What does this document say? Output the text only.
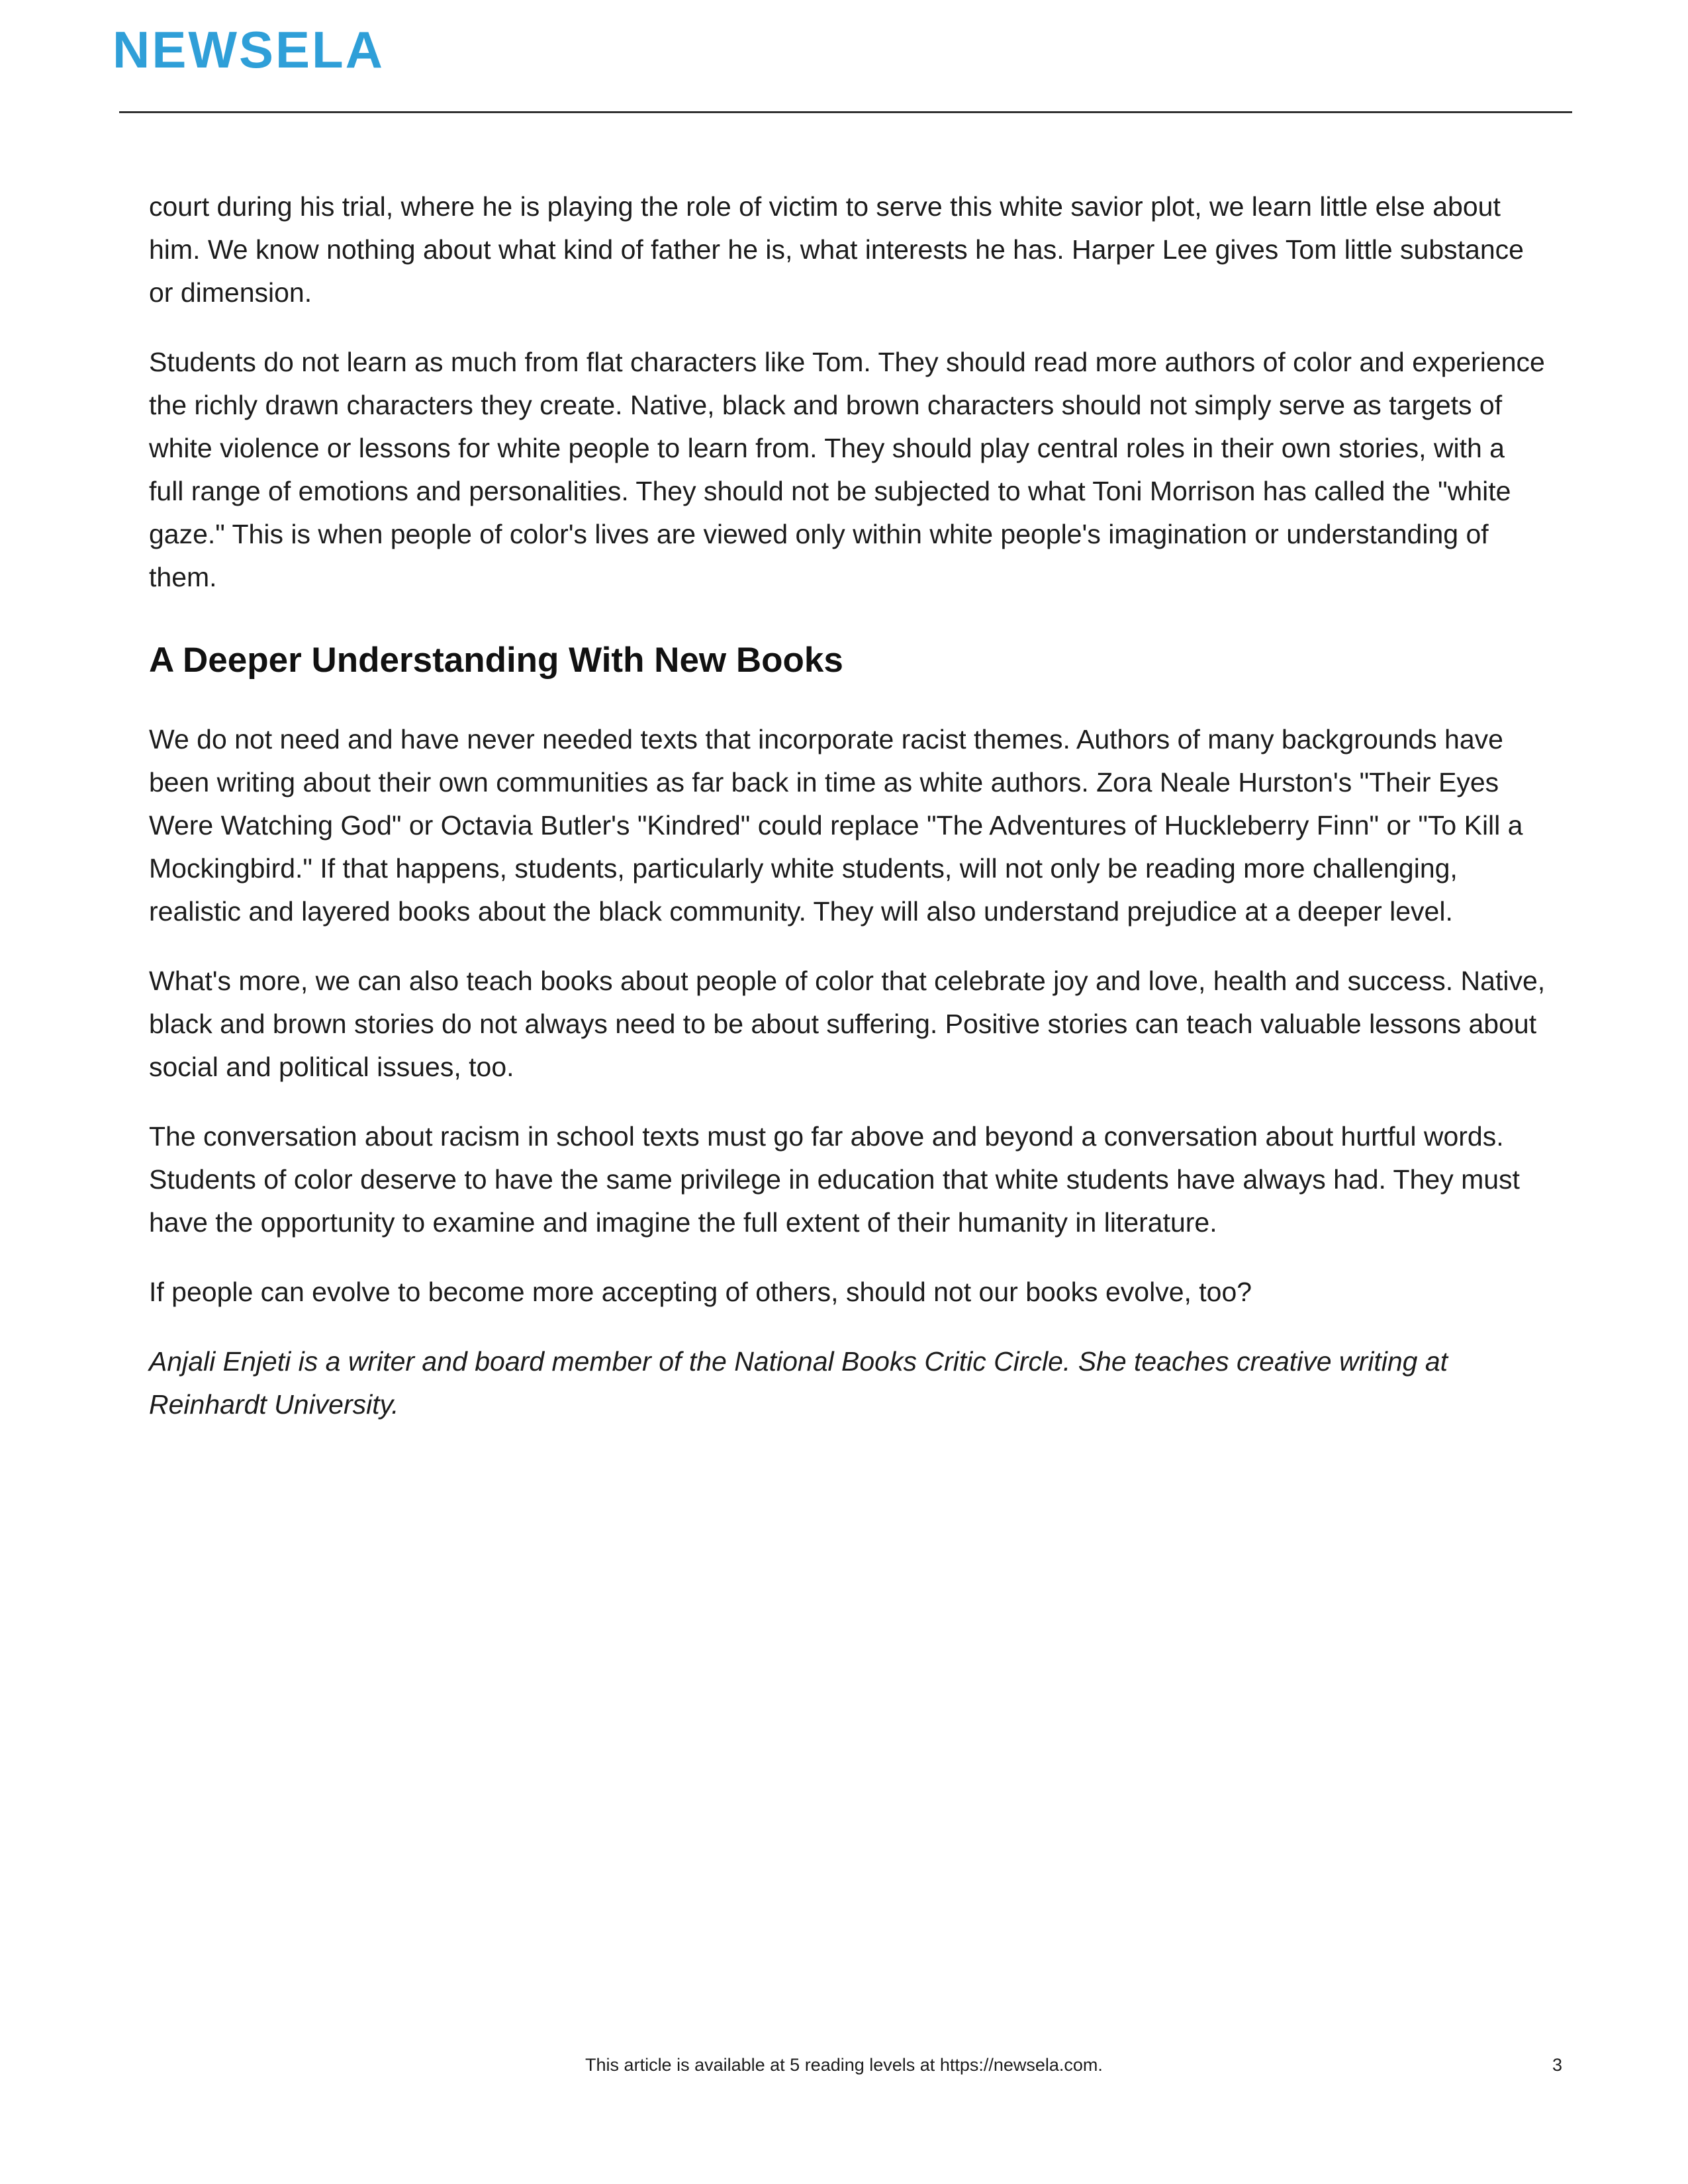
NEWSELA

court during his trial, where he is playing the role of victim to serve this white savior plot, we learn little else about him. We know nothing about what kind of father he is, what interests he has. Harper Lee gives Tom little substance or dimension.

Students do not learn as much from flat characters like Tom. They should read more authors of color and experience the richly drawn characters they create. Native, black and brown characters should not simply serve as targets of white violence or lessons for white people to learn from. They should play central roles in their own stories, with a full range of emotions and personalities. They should not be subjected to what Toni Morrison has called the "white gaze." This is when people of color's lives are viewed only within white people's imagination or understanding of them.

A Deeper Understanding With New Books

We do not need and have never needed texts that incorporate racist themes. Authors of many backgrounds have been writing about their own communities as far back in time as white authors. Zora Neale Hurston's "Their Eyes Were Watching God" or Octavia Butler's "Kindred" could replace "The Adventures of Huckleberry Finn" or "To Kill a Mockingbird." If that happens, students, particularly white students, will not only be reading more challenging, realistic and layered books about the black community. They will also understand prejudice at a deeper level.

What's more, we can also teach books about people of color that celebrate joy and love, health and success. Native, black and brown stories do not always need to be about suffering. Positive stories can teach valuable lessons about social and political issues, too.

The conversation about racism in school texts must go far above and beyond a conversation about hurtful words. Students of color deserve to have the same privilege in education that white students have always had. They must have the opportunity to examine and imagine the full extent of their humanity in literature.

If people can evolve to become more accepting of others, should not our books evolve, too?

Anjali Enjeti is a writer and board member of the National Books Critic Circle. She teaches creative writing at Reinhardt University.

This article is available at 5 reading levels at https://newsela.com.	3
